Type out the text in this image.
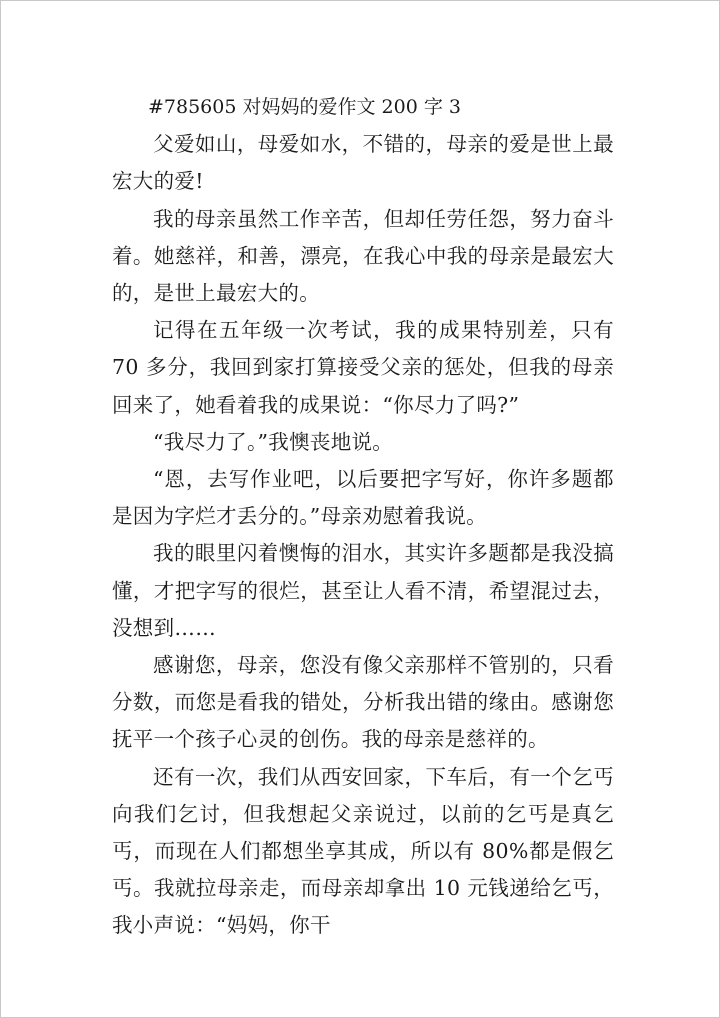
#785605 对妈妈的爱作文 200 字 3

父爱如山，母爱如水，不错的，母亲的爱是世上最宏大的爱!

我的母亲虽然工作辛苦，但却任劳任怨，努力奋斗着。她慈祥，和善，漂亮，在我心中我的母亲是最宏大的，是世上最宏大的。

记得在五年级一次考试，我的成果特别差，只有 70 多分，我回到家打算接受父亲的惩处，但我的母亲回来了，她看着我的成果说：“你尽力了吗?”

“我尽力了。”我懊丧地说。

“恩，去写作业吧，以后要把字写好，你许多题都是因为字烂才丢分的。”母亲劝慰着我说。

我的眼里闪着懊悔的泪水，其实许多题都是我没搞懂，才把字写的很烂，甚至让人看不清，希望混过去，没想到……

感谢您，母亲，您没有像父亲那样不管别的，只看分数，而您是看我的错处，分析我出错的缘由。感谢您抚平一个孩子心灵的创伤。我的母亲是慈祥的。

还有一次，我们从西安回家，下车后，有一个乞丐向我们乞讨，但我想起父亲说过，以前的乞丐是真乞丐，而现在人们都想坐享其成，所以有 80%都是假乞丐。我就拉母亲走，而母亲却拿出 10 元钱递给乞丐，我小声说：“妈妈，你干
